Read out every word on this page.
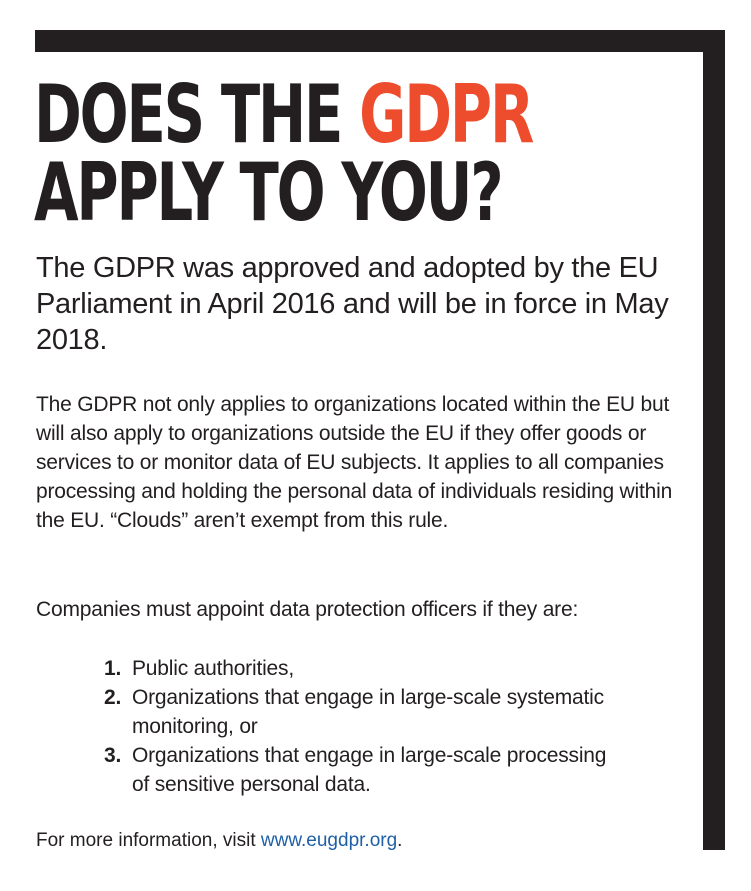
DOES THE GDPR
APPLY TO YOU?

The GDPR was approved and adopted by the EU Parliament in April 2016 and will be in force in May 2018.

The GDPR not only applies to organizations located within the EU but will also apply to organizations outside the EU if they offer goods or services to or monitor data of EU subjects. It applies to all companies processing and holding the personal data of individuals residing within the EU. “Clouds” aren’t exempt from this rule.

Companies must appoint data protection officers if they are:

1. Public authorities,
2. Organizations that engage in large-scale systematic monitoring, or
3. Organizations that engage in large-scale processing of sensitive personal data.

For more information, visit www.eugdpr.org.
